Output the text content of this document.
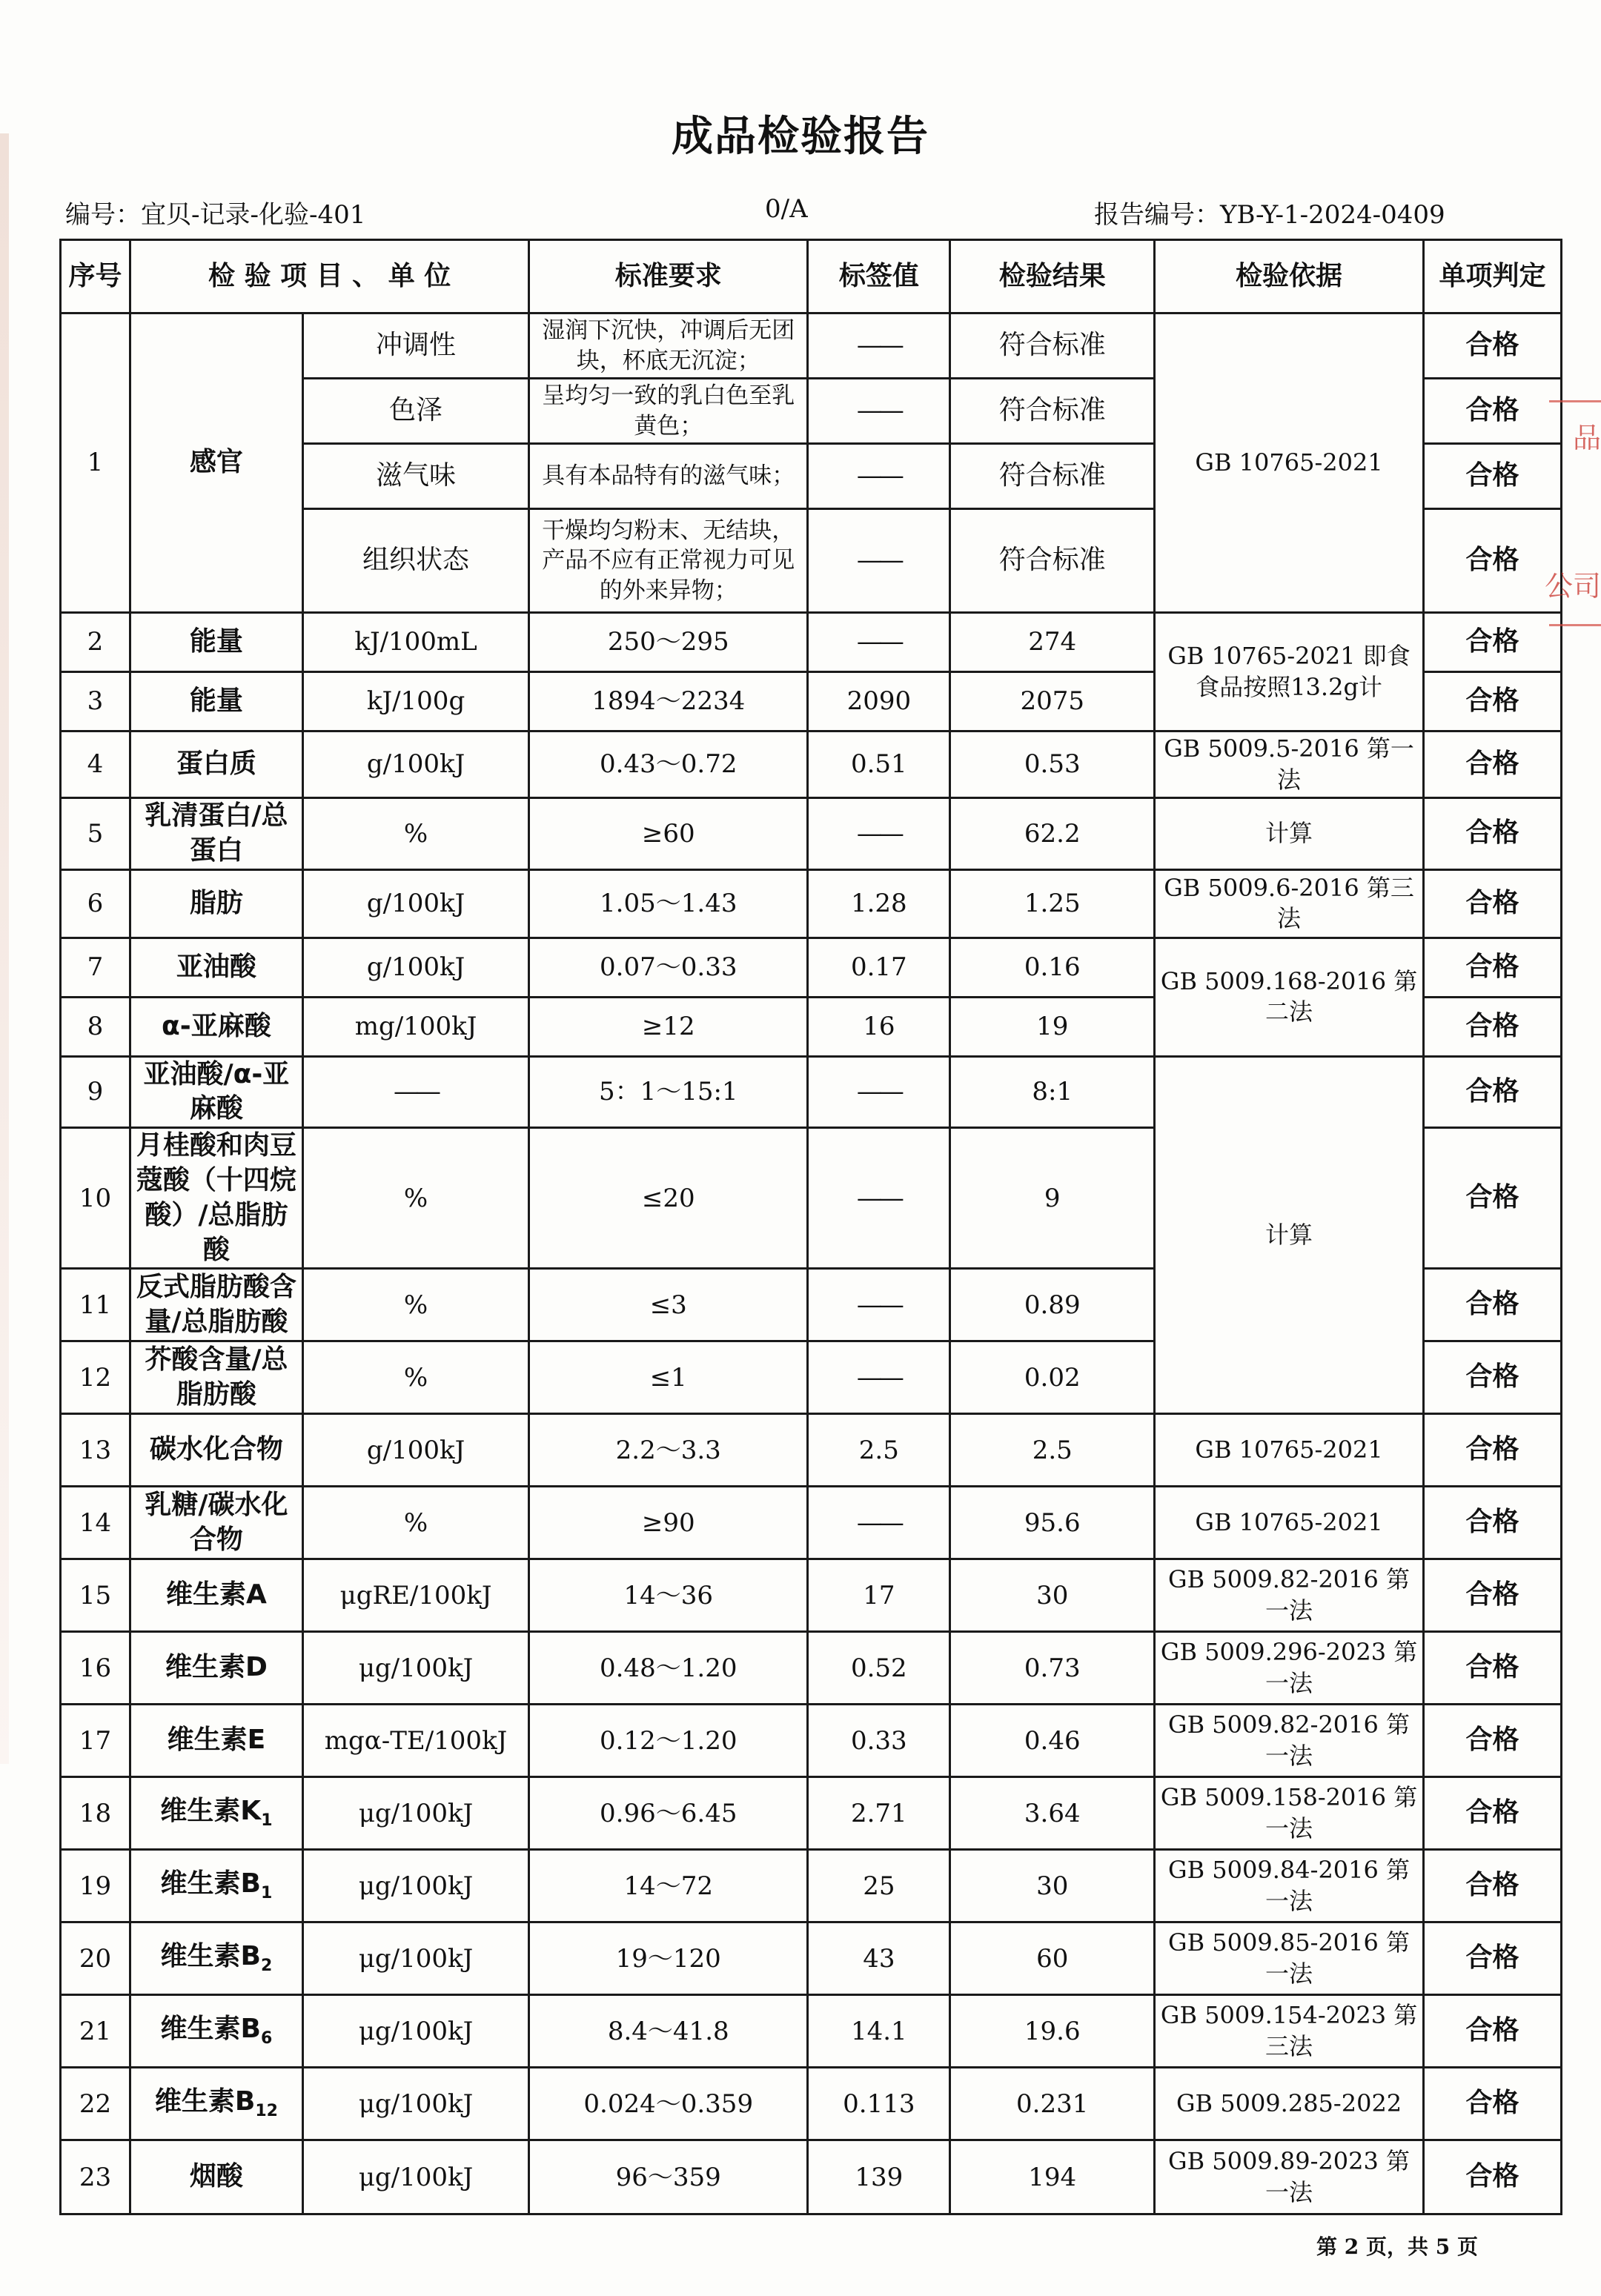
成品检验报告
编号：宜贝-记录-化验-401	0/A	报告编号：YB-Y-1-2024-0409
序号	检 验 项 目 、 单 位		标准要求	标签值	检验结果	检验依据	单项判定
1	感官	冲调性	湿润下沉快，冲调后无团块，杯底无沉淀；	——	符合标准	GB 10765-2021	合格
		色泽	呈均匀一致的乳白色至乳黄色；	——	符合标准		合格
		滋气味	具有本品特有的滋气味；	——	符合标准		合格
		组织状态	干燥均匀粉末、无结块，产品不应有正常视力可见的外来异物；	——	符合标准		合格
2	能量	kJ/100mL	250～295	——	274	GB 10765-2021 即食食品按照13.2g计	合格
3	能量	kJ/100g	1894～2234	2090	2075		合格
4	蛋白质	g/100kJ	0.43～0.72	0.51	0.53	GB 5009.5-2016 第一法	合格
5	乳清蛋白/总蛋白	%	≥60	——	62.2	计算	合格
6	脂肪	g/100kJ	1.05～1.43	1.28	1.25	GB 5009.6-2016 第三法	合格
7	亚油酸	g/100kJ	0.07～0.33	0.17	0.16	GB 5009.168-2016 第二法	合格
8	α-亚麻酸	mg/100kJ	≥12	16	19		合格
9	亚油酸/α-亚麻酸	——	5：1～15:1	——	8:1	计算	合格
10	月桂酸和肉豆蔻酸（十四烷酸）/总脂肪酸	%	≤20	——	9		合格
11	反式脂肪酸含量/总脂肪酸	%	≤3	——	0.89		合格
12	芥酸含量/总脂肪酸	%	≤1	——	0.02		合格
13	碳水化合物	g/100kJ	2.2～3.3	2.5	2.5	GB 10765-2021	合格
14	乳糖/碳水化合物	%	≥90	——	95.6	GB 10765-2021	合格
15	维生素A	μgRE/100kJ	14～36	17	30	GB 5009.82-2016 第一法	合格
16	维生素D	μg/100kJ	0.48～1.20	0.52	0.73	GB 5009.296-2023 第一法	合格
17	维生素E	mgα-TE/100kJ	0.12～1.20	0.33	0.46	GB 5009.82-2016 第一法	合格
18	维生素$K_1$	μg/100kJ	0.96～6.45	2.71	3.64	GB 5009.158-2016 第一法	合格
19	维生素$B_1$	μg/100kJ	14～72	25	30	GB 5009.84-2016 第一法	合格
20	维生素$B_2$	μg/100kJ	19～120	43	60	GB 5009.85-2016 第一法	合格
21	维生素$B_6$	μg/100kJ	8.4～41.8	14.1	19.6	GB 5009.154-2023 第三法	合格
22	维生素$B_{12}$	μg/100kJ	0.024～0.359	0.113	0.231	GB 5009.285-2022	合格
23	烟酸	μg/100kJ	96～359	139	194	GB 5009.89-2023 第一法	合格
品
公司
第 2 页，共 5 页
